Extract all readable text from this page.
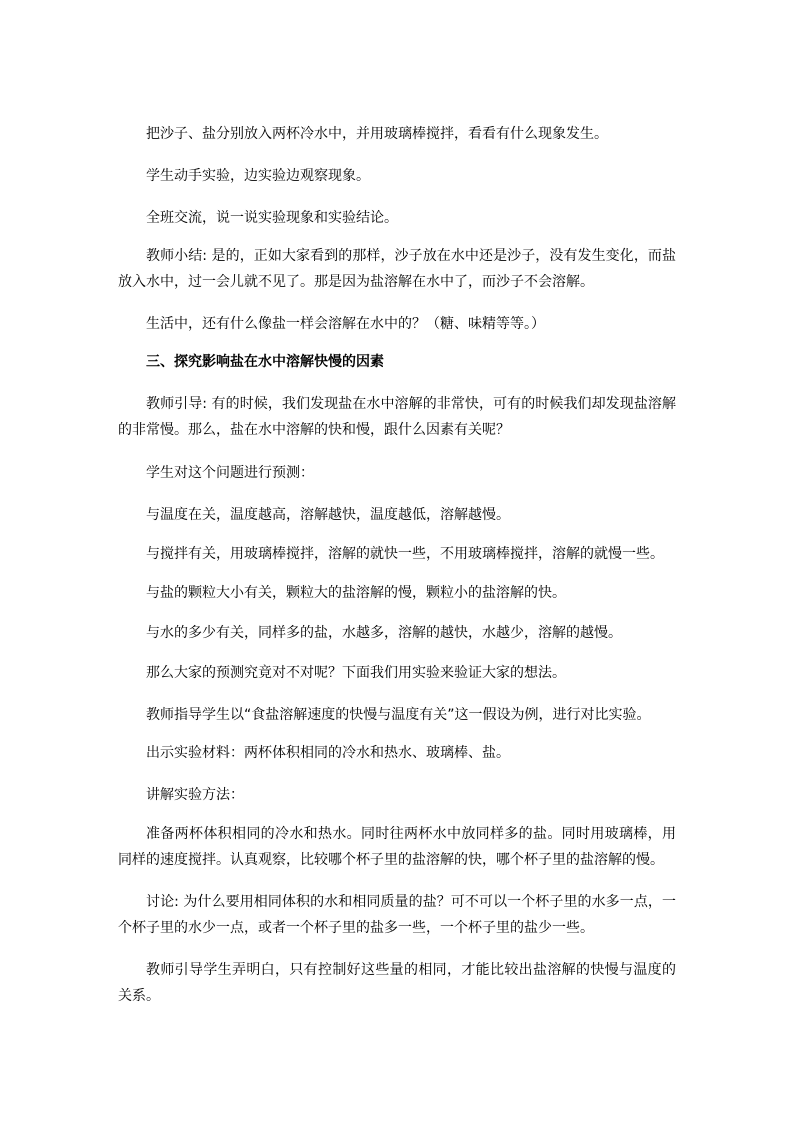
把沙子、盐分别放入两杯冷水中，并用玻璃棒搅拌，看看有什么现象发生。

学生动手实验，边实验边观察现象。

全班交流，说一说实验现象和实验结论。

教师小结: 是的，正如大家看到的那样，沙子放在水中还是沙子，没有发生变化，而盐放入水中，过一会儿就不见了。那是因为盐溶解在水中了，而沙子不会溶解。

生活中，还有什么像盐一样会溶解在水中的？（糖、味精等等。）

三、探究影响盐在水中溶解快慢的因素

教师引导: 有的时候，我们发现盐在水中溶解的非常快，可有的时候我们却发现盐溶解的非常慢。那么，盐在水中溶解的快和慢，跟什么因素有关呢？

学生对这个问题进行预测：

与温度在关，温度越高，溶解越快，温度越低，溶解越慢。

与搅拌有关，用玻璃棒搅拌，溶解的就快一些，不用玻璃棒搅拌，溶解的就慢一些。

与盐的颗粒大小有关，颗粒大的盐溶解的慢，颗粒小的盐溶解的快。

与水的多少有关，同样多的盐，水越多，溶解的越快，水越少，溶解的越慢。

那么大家的预测究竟对不对呢？下面我们用实验来验证大家的想法。

教师指导学生以“食盐溶解速度的快慢与温度有关”这一假设为例，进行对比实验。

出示实验材料：两杯体积相同的冷水和热水、玻璃棒、盐。

讲解实验方法：

准备两杯体积相同的冷水和热水。同时往两杯水中放同样多的盐。同时用玻璃棒，用同样的速度搅拌。认真观察，比较哪个杯子里的盐溶解的快，哪个杯子里的盐溶解的慢。

讨论: 为什么要用相同体积的水和相同质量的盐？可不可以一个杯子里的水多一点，一个杯子里的水少一点，或者一个杯子里的盐多一些，一个杯子里的盐少一些。

教师引导学生弄明白，只有控制好这些量的相同，才能比较出盐溶解的快慢与温度的关系。
